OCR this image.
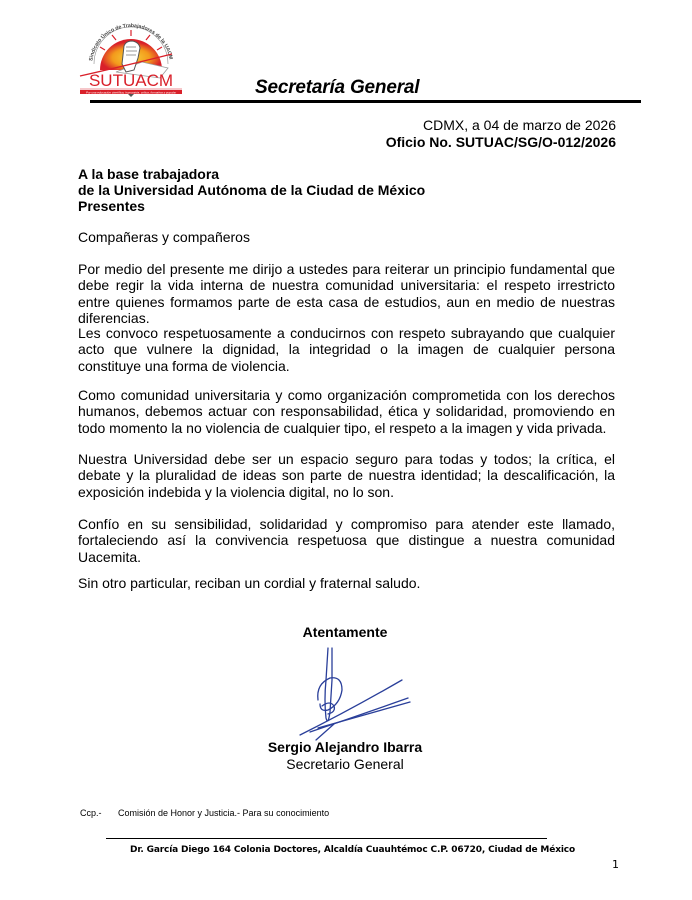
Sindicato Único de Trabajadores de la UACM
SUTUACM
Por una educación científica, humanista, crítica, formativa y popular	Secretaría General
CDMX, a 04 de marzo de 2026
Oficio No. SUTUAC/SG/O-012/2026
A la base trabajadora
de la Universidad Autónoma de la Ciudad de México
Presentes
Compañeras y compañeros
Por medio del presente me dirijo a ustedes para reiterar un principio fundamental que debe regir la vida interna de nuestra comunidad universitaria: el respeto irrestricto entre quienes formamos parte de esta casa de estudios, aun en medio de nuestras diferencias.
Les convoco respetuosamente a conducirnos con respeto subrayando que cualquier acto que vulnere la dignidad, la integridad o la imagen de cualquier persona constituye una forma de violencia.
Como comunidad universitaria y como organización comprometida con los derechos humanos, debemos actuar con responsabilidad, ética y solidaridad, promoviendo en todo momento la no violencia de cualquier tipo, el respeto a la imagen y vida privada.
Nuestra Universidad debe ser un espacio seguro para todas y todos; la crítica, el debate y la pluralidad de ideas son parte de nuestra identidad; la descalificación, la exposición indebida y la violencia digital, no lo son.
Confío en su sensibilidad, solidaridad y compromiso para atender este llamado, fortaleciendo así la convivencia respetuosa que distingue a nuestra comunidad Uacemita.
Sin otro particular, reciban un cordial y fraternal saludo.
Atentamente
Sergio Alejandro Ibarra
Secretario General
Ccp.- Comisión de Honor y Justicia.- Para su conocimiento
Dr. García Diego 164 Colonia Doctores, Alcaldía Cuauhtémoc C.P. 06720, Ciudad de México
1
